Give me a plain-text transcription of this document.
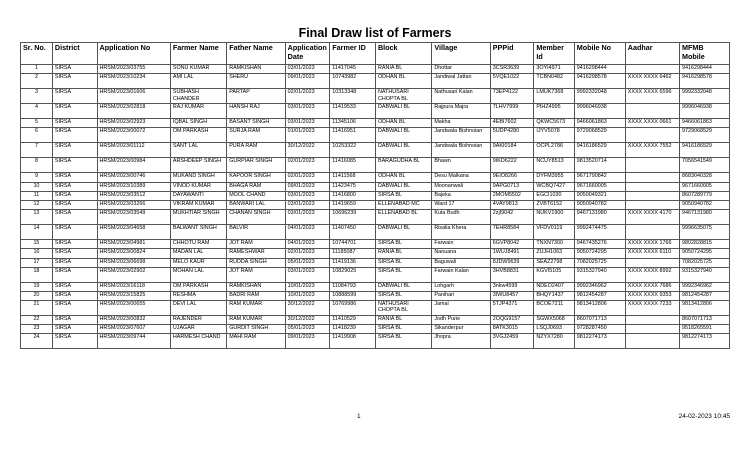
Final Draw list of Farmers
Sr. No.	District	Application No	Farmer Name	Father Name	Application Date	Farmer ID	Block	Village	PPPid	Member Id	Mobile No	Aadhar	MFMB Mobile
1	SIRSA	HRSM/2023/03755	SONU KUMAR	RAMKISHAN	03/01/2023	11417045	RANIA BL	Dhottar	3CSR3639	3OYI4971	9416298444		9416298444
2	SIRSA	HRSM/2023/10234	AMI LAL	SHERU	09/01/2023	10743982	ODHAN BL	Jandiwal Jattan	5VQE1022	TCBN0482	9416298578	XXXX XXXX 6462	9416298578
3	SIRSA	HRSM/2023/01606	SUBHASH CHANDER	PARTAP	02/01/2023	10313348	NATHUSARI CHOPTA BL	Nathusari Kalan	73EP4122	LMUK7368	9992332048	XXXX XXXX 6596	9992332048
4	SIRSA	HRSM/2023/02818	RAJ KUMAR	HANSH RAJ	03/01/2023	11419533	DABWALI BL	Rajpura Majra	7LHV7999	PIHZ4995	9996046938		9996046938
5	SIRSA	HRSM/2023/02923	IQBAL SINGH	BASANT SINGH	03/01/2023	11345106	ODHAN BL	Makha	4EBI7602	QKWC5673	9466061863	XXXX XXXX 0661	9466061863
6	SIRSA	HRSM/2023/00072	OM PARKASH	SURJA RAM	01/01/2023	11416951	DABWALI BL	Jandwala Bishnoian	5UDP4280	IJYV5078	9729068529		9729068529
7	SIRSA	HRSM/2023/01112	SANT LAL	PURA RAM	30/12/2022	10253322	DABWALI BL	Jandwala Bishnoian	9AKI0184	OCPL2786	9416186529	XXXX XXXX 7552	9416186529
8	SIRSA	HRSM/2023/00984	ARSHDEEP SINGH	GURPIAR SINGH	02/01/2023	11416085	BARAGUDHA BL	Bhawn	9IKD6222	NCUY8513	9813520714		7056541549
9	SIRSA	HRSM/2023/00746	MUKAND SINGH	KAPOOR SINGH	02/01/2023	11411568	ODHAN BL	Desu Malkana	9EIO8266	DYFM3955	9671790842		8683040328
10	SIRSA	HRSM/2023/10389	VINOD KUMAR	BHAGA RAM	09/01/2023	11423475	DABWALI BL	Moonanwali	9APG0713	WCBQ7427	9671660005		9671660005
11	SIRSA	HRSM/2023/03512	DAYAWANTI	MOOL CHAND	03/01/2023	11416800	SIRSA BL	Bajeka	2MOM5502	EGCI1030	9050049321		8607289779
12	SIRSA	HRSM/2023/03266	VIKRAM KUMAR	BANWARI LAL	03/01/2023	11419659	ELLENABAD MC	Ward 17	4VAY9813	ZVBT6152	9050940782		9050940782
13	SIRSA	HRSM/2023/03549	MUKHTIAR SINGH	CHANAN SINGH	03/01/2023	10696239	ELLENABAD BL	Kuta Budh	2zjI9042	NUKV1900	9467131980	XXXX XXXX 4170	9467131980
14	SIRSA	HRSM/2023/04658	BALWANT SINGH	BALVIR	04/01/2023	11407450	DABWALI BL	Risalia Khera	7EHR8584	VFDV0119	9992474475		9996635075
15	SIRSA	HRSM/2023/04981	CHHOTU RAM	JOT RAM	04/01/2023	10744701	SIRSA BL	Farwain	6GVP8042	TNXN7300	9467435276	XXXX XXXX 1766	9802828815
16	SIRSA	HRSM/2023/00824	MADAN LAL	RAMESHWAR	02/01/2023	11185087	RANIA BL	Nanuana	1WUJ8491	ZUJH1063	9050724295	XXXX XXXX 6110	9050724295
17	SIRSA	HRSM/2023/06698	MELO KAUR	RUDDA SINGH	05/01/2023	11419136	SIRSA BL	Baguwali	8JDW9639	SEAZ2798	7082025725		7082025725
18	SIRSA	HRSM/2023/02902	MOHAN LAL	JOT RAM	03/01/2023	10829025	SIRSA BL	Farwain Kalan	3HVB8831	KGVI5105	9315327940	XXXX XXXX 8992	9315327940
19	SIRSA	HRSM/2023/16118	OM PARKASH	RAMKISHAN	10/01/2023	11084793	DABWALI BL	Lohgarh	3nkw4599	NDEO2407	9992346962	XXXX XXXX 7686	9992346962
20	SIRSA	HRSM/2023/15825	RESHMA	BADRI RAM	10/01/2023	10888599	SIRSA BL	Panihari	3IWU8457	BHQY1437	9812454287	XXXX XXXX 9353	9812454287
21	SIRSA	HRSM/2023/00655	DEVI LAL	RAM KUMAR	30/12/2022	10769986	NATHUSARI CHOPTA BL	Jamal	5TJP4371	BCOE7211	9813412806	XXXX XXXX 7233	9813412806
22	SIRSA	HRSM/2023/00832	RAJENDER	RAM KUMAR	30/12/2022	11410529	RANIA BL	Jodh Purie	2OQG9157	SGWX5068	8607071713		8607071713
23	SIRSA	HRSM/2023/07607	UJAGAR	GURDIT SINGH	05/01/2023	11418239	SIRSA BL	Sikanderpur	8ATK3015	LSQJ0693	9728287450		9518265591
24	SIRSA	HRSM/2023/09744	HARMESH CHAND	MAHI RAM	09/01/2023	11419908	SIRSA BL	Jhopra	3VGJ2459	NZYX7280	9812274173		9812274173
1	24-02-2023 10:45
